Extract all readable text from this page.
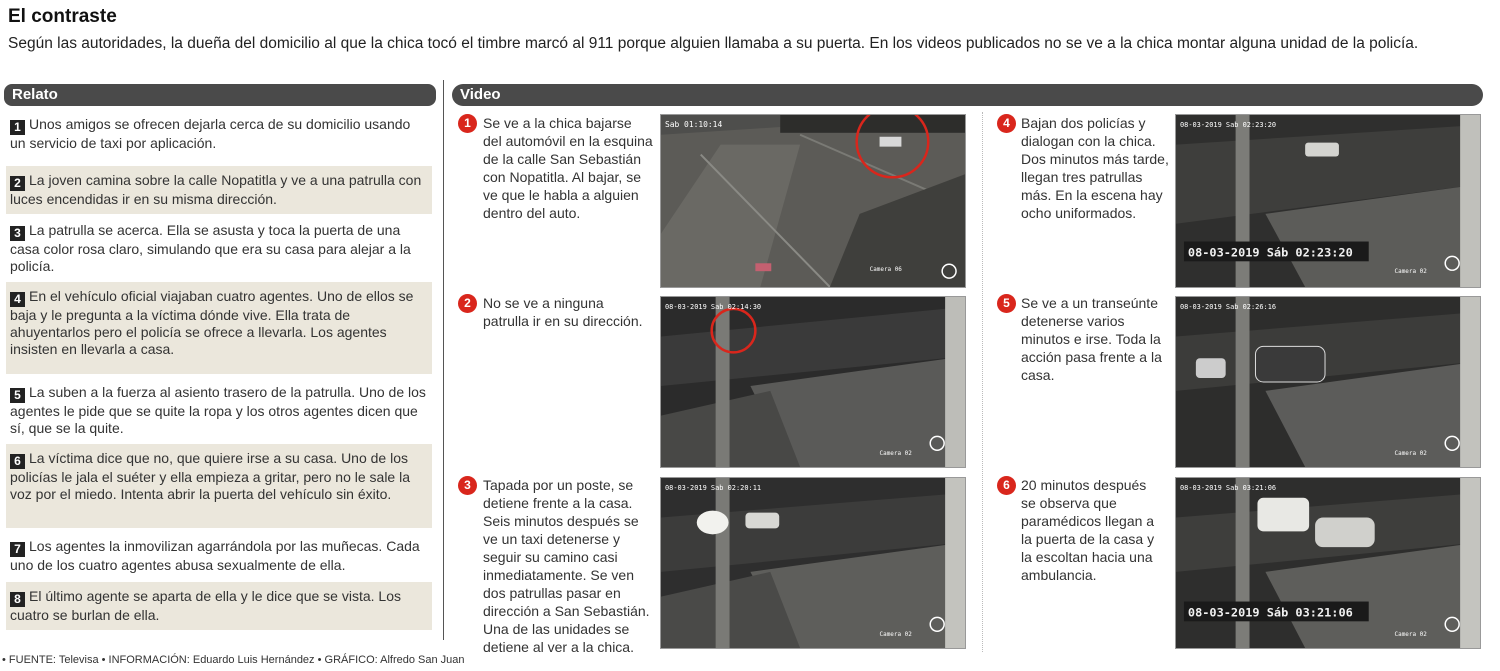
El contraste
Según las autoridades, la dueña del domicilio al que la chica tocó el timbre marcó al 911 porque alguien llamaba a su puerta. En los videos publicados no se ve a la chica montar alguna unidad de la policía.
Relato	Video
1 Unos amigos se ofrecen dejarla cerca de su domicilio usando un servicio de taxi por aplicación.
2 La joven camina sobre la calle Nopatitla y ve a una patrulla con luces encendidas ir en su misma dirección.
3 La patrulla se acerca. Ella se asusta y toca la puerta de una casa color rosa claro, simulando que era su casa para alejar a la policía.
4 En el vehículo oficial viajaban cuatro agentes. Uno de ellos se baja y le pregunta a la víctima dónde vive. Ella trata de ahuyentarlos pero el policía se ofrece a llevarla. Los agentes insisten en llevarla a casa.
5 La suben a la fuerza al asiento trasero de la patrulla. Uno de los agentes le pide que se quite la ropa y los otros agentes dicen que sí, que se la quite.
6 La víctima dice que no, que quiere irse a su casa. Uno de los policías le jala el suéter y ella empieza a gritar, pero no le sale la voz por el miedo. Intenta abrir la puerta del vehículo sin éxito.
7 Los agentes la inmovilizan agarrándola por las muñecas. Cada uno de los cuatro agentes abusa sexualmente de ella.
8 El último agente se aparta de ella y le dice que se vista. Los cuatro se burlan de ella.
• FUENTE: Televisa • INFORMACIÓN: Eduardo Luis Hernández • GRÁFICO: Alfredo San Juan
1 Se ve a la chica bajarse del automóvil en la esquina de la calle San Sebastián con Nopatitla. Al bajar, se ve que le habla a alguien dentro del auto.
2 No se ve a ninguna patrulla ir en su dirección.
3 Tapada por un poste, se detiene frente a la casa. Seis minutos después se ve un taxi detenerse y seguir su camino casi inmediatamente. Se ven dos patrullas pasar en dirección a San Sebastián. Una de las unidades se detiene al ver a la chica.
4 Bajan dos policías y dialogan con la chica. Dos minutos más tarde, llegan tres patrullas más. En la escena hay ocho uniformados.
5 Se ve a un transeúnte detenerse varios minutos e irse. Toda la acción pasa frente a la casa.
6 20 minutos después se observa que paramédicos llegan a la puerta de la casa y la escoltan hacia una ambulancia.
Sab 01:10:14
Camera 06
08-03-2019 Sab 02:14:30
Camera 02
08-03-2019 Sab 02:20:11
Camera 02
08-03-2019 Sáb 02:23:20
08-03-2019 Sab 02:23:20
Camera 02
08-03-2019 Sab 02:26:16
Camera 02
08-03-2019 Sáb 03:21:06
08-03-2019 Sab 03:21:06
Camera 02
